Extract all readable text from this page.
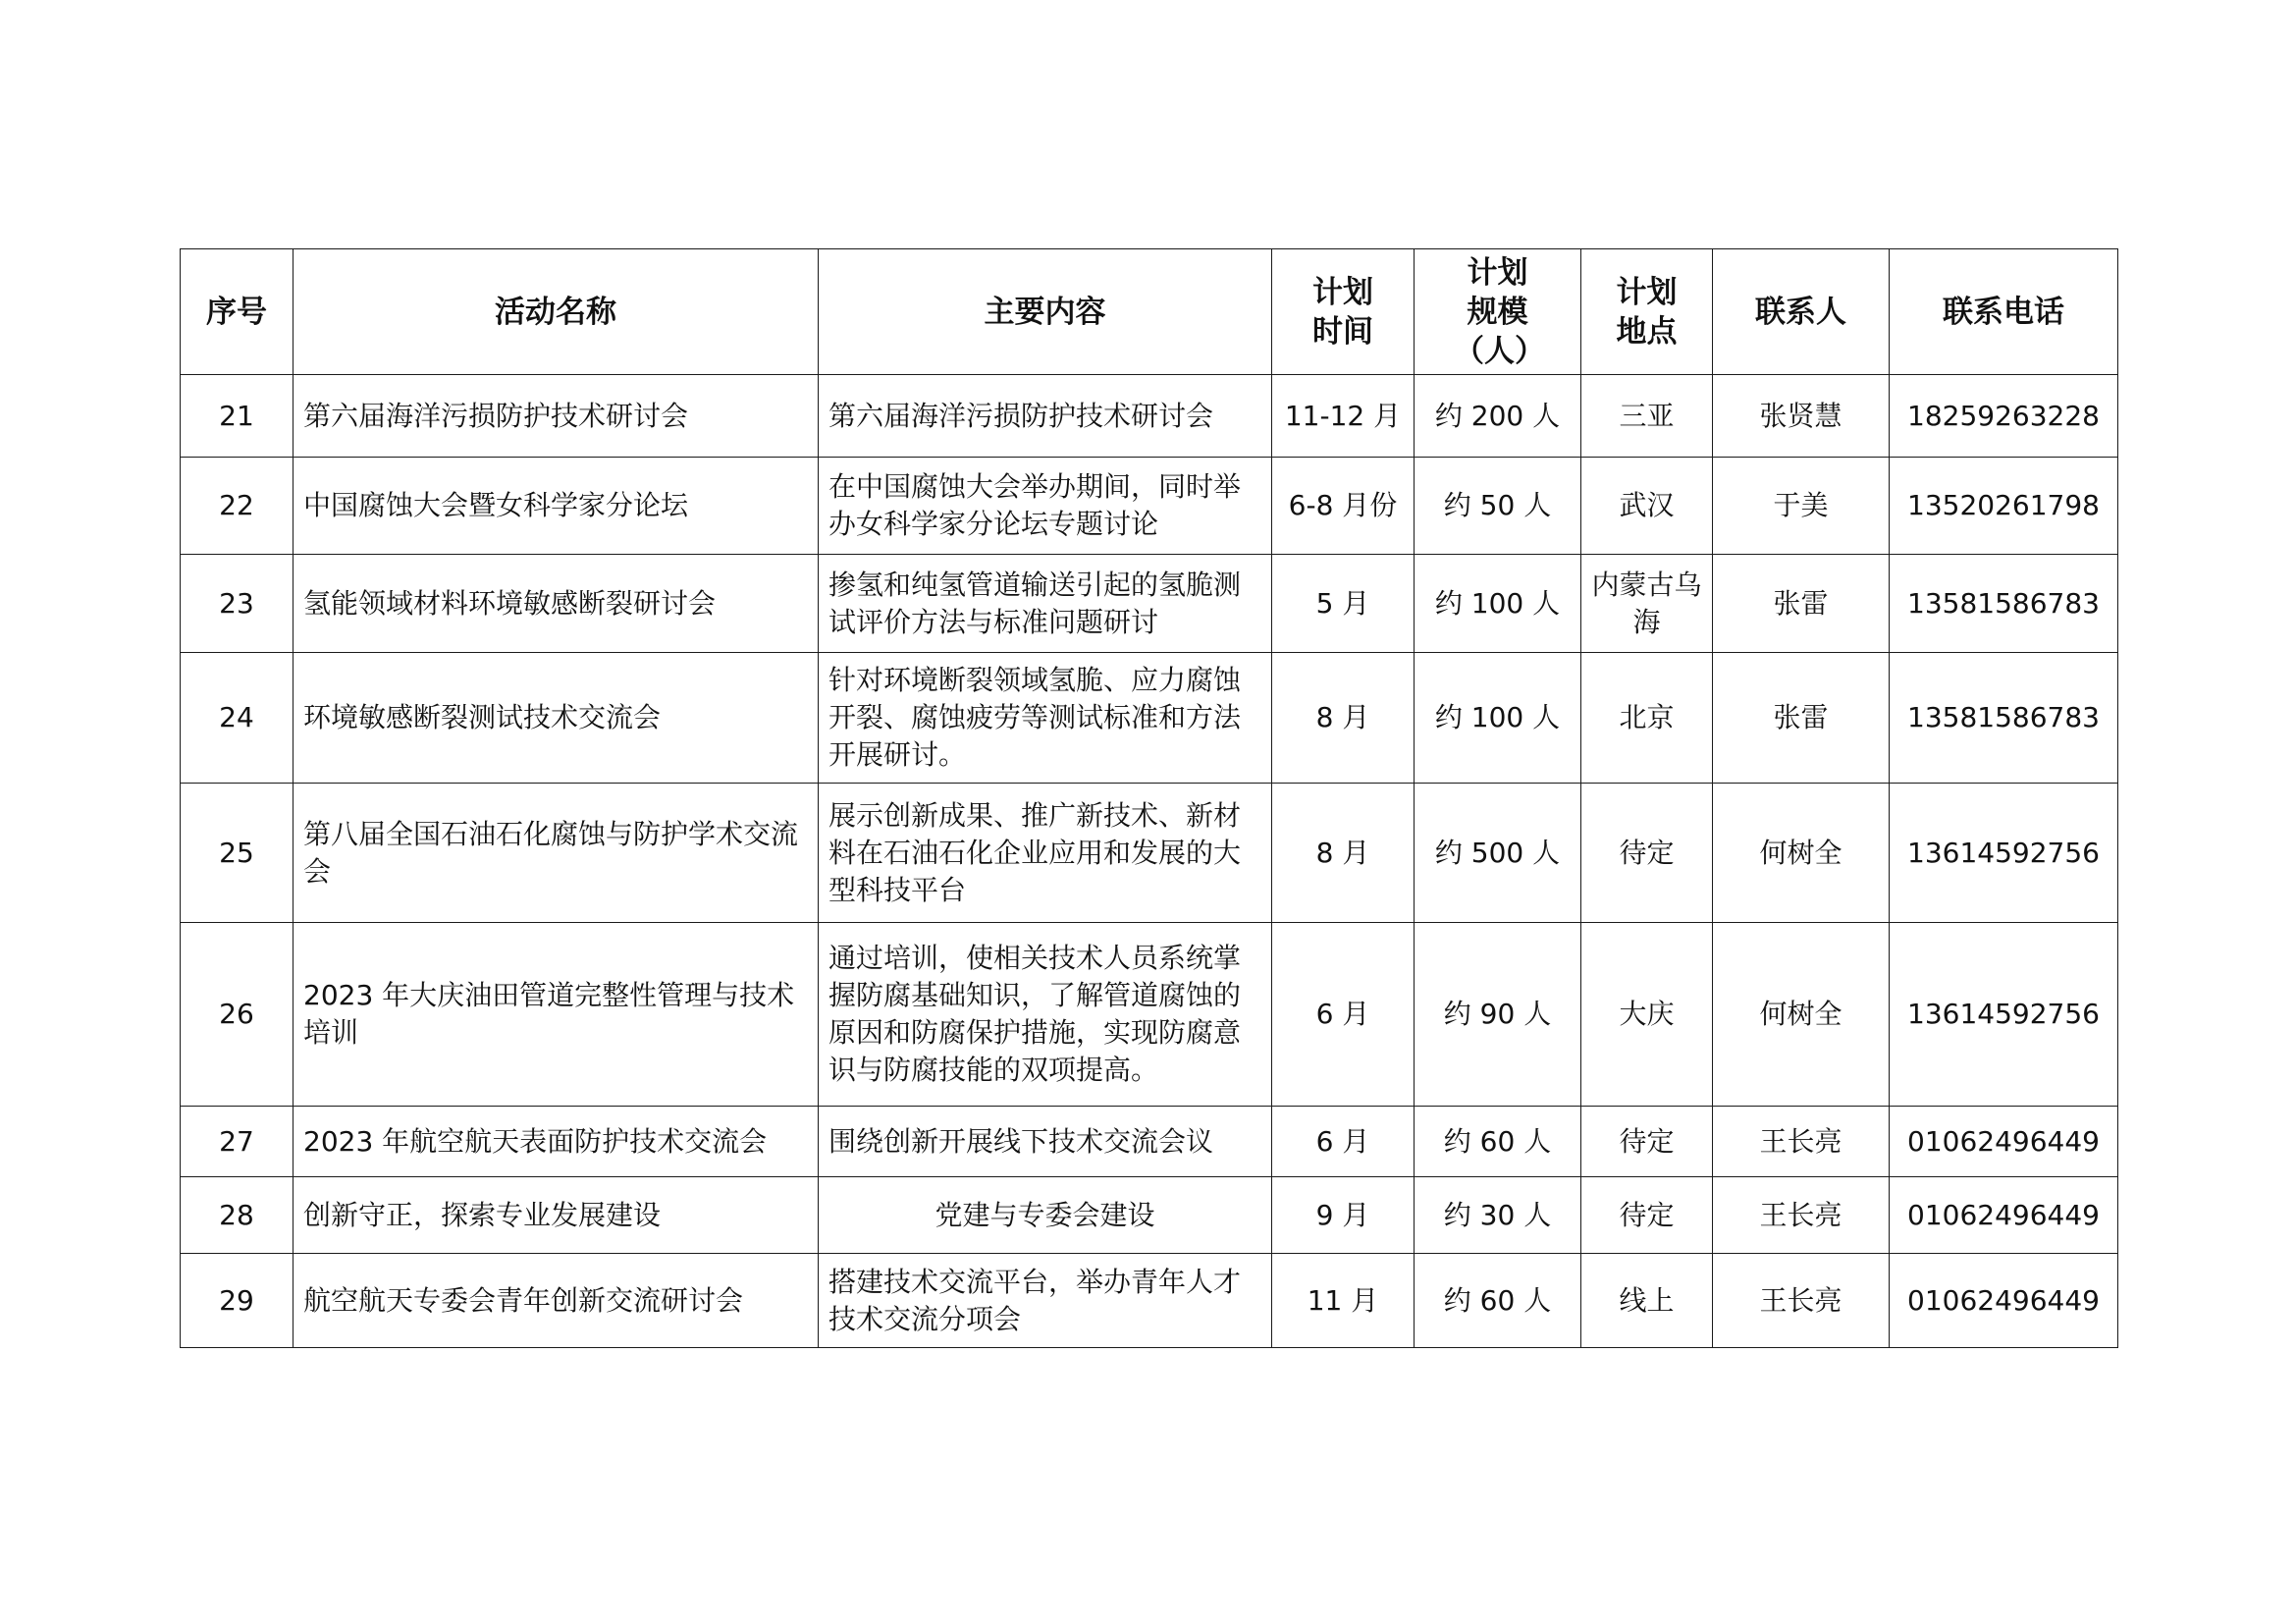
序号	活动名称	主要内容	计划时间	计划规模（人）	计划地点	联系人	联系电话

21	第六届海洋污损防护技术研讨会	第六届海洋污损防护技术研讨会	11-12 月	约 200 人	三亚	张贤慧	18259263228
22	中国腐蚀大会暨女科学家分论坛	在中国腐蚀大会举办期间，同时举办女科学家分论坛专题讨论	6-8 月份	约 50 人	武汉	于美	13520261798
23	氢能领域材料环境敏感断裂研讨会	掺氢和纯氢管道输送引起的氢脆测试评价方法与标准问题研讨	5 月	约 100 人	内蒙古乌海	张雷	13581586783
24	环境敏感断裂测试技术交流会	针对环境断裂领域氢脆、应力腐蚀开裂、腐蚀疲劳等测试标准和方法开展研讨。	8 月	约 100 人	北京	张雷	13581586783
25	第八届全国石油石化腐蚀与防护学术交流会	展示创新成果、推广新技术、新材料在石油石化企业应用和发展的大型科技平台	8 月	约 500 人	待定	何树全	13614592756
26	2023 年大庆油田管道完整性管理与技术培训	通过培训，使相关技术人员系统掌握防腐基础知识，了解管道腐蚀的原因和防腐保护措施，实现防腐意识与防腐技能的双项提高。	6 月	约 90 人	大庆	何树全	13614592756
27	2023 年航空航天表面防护技术交流会	围绕创新开展线下技术交流会议	6 月	约 60 人	待定	王长亮	01062496449
28	创新守正，探索专业发展建设	党建与专委会建设	9 月	约 30 人	待定	王长亮	01062496449
29	航空航天专委会青年创新交流研讨会	搭建技术交流平台，举办青年人才技术交流分项会	11 月	约 60 人	线上	王长亮	01062496449
